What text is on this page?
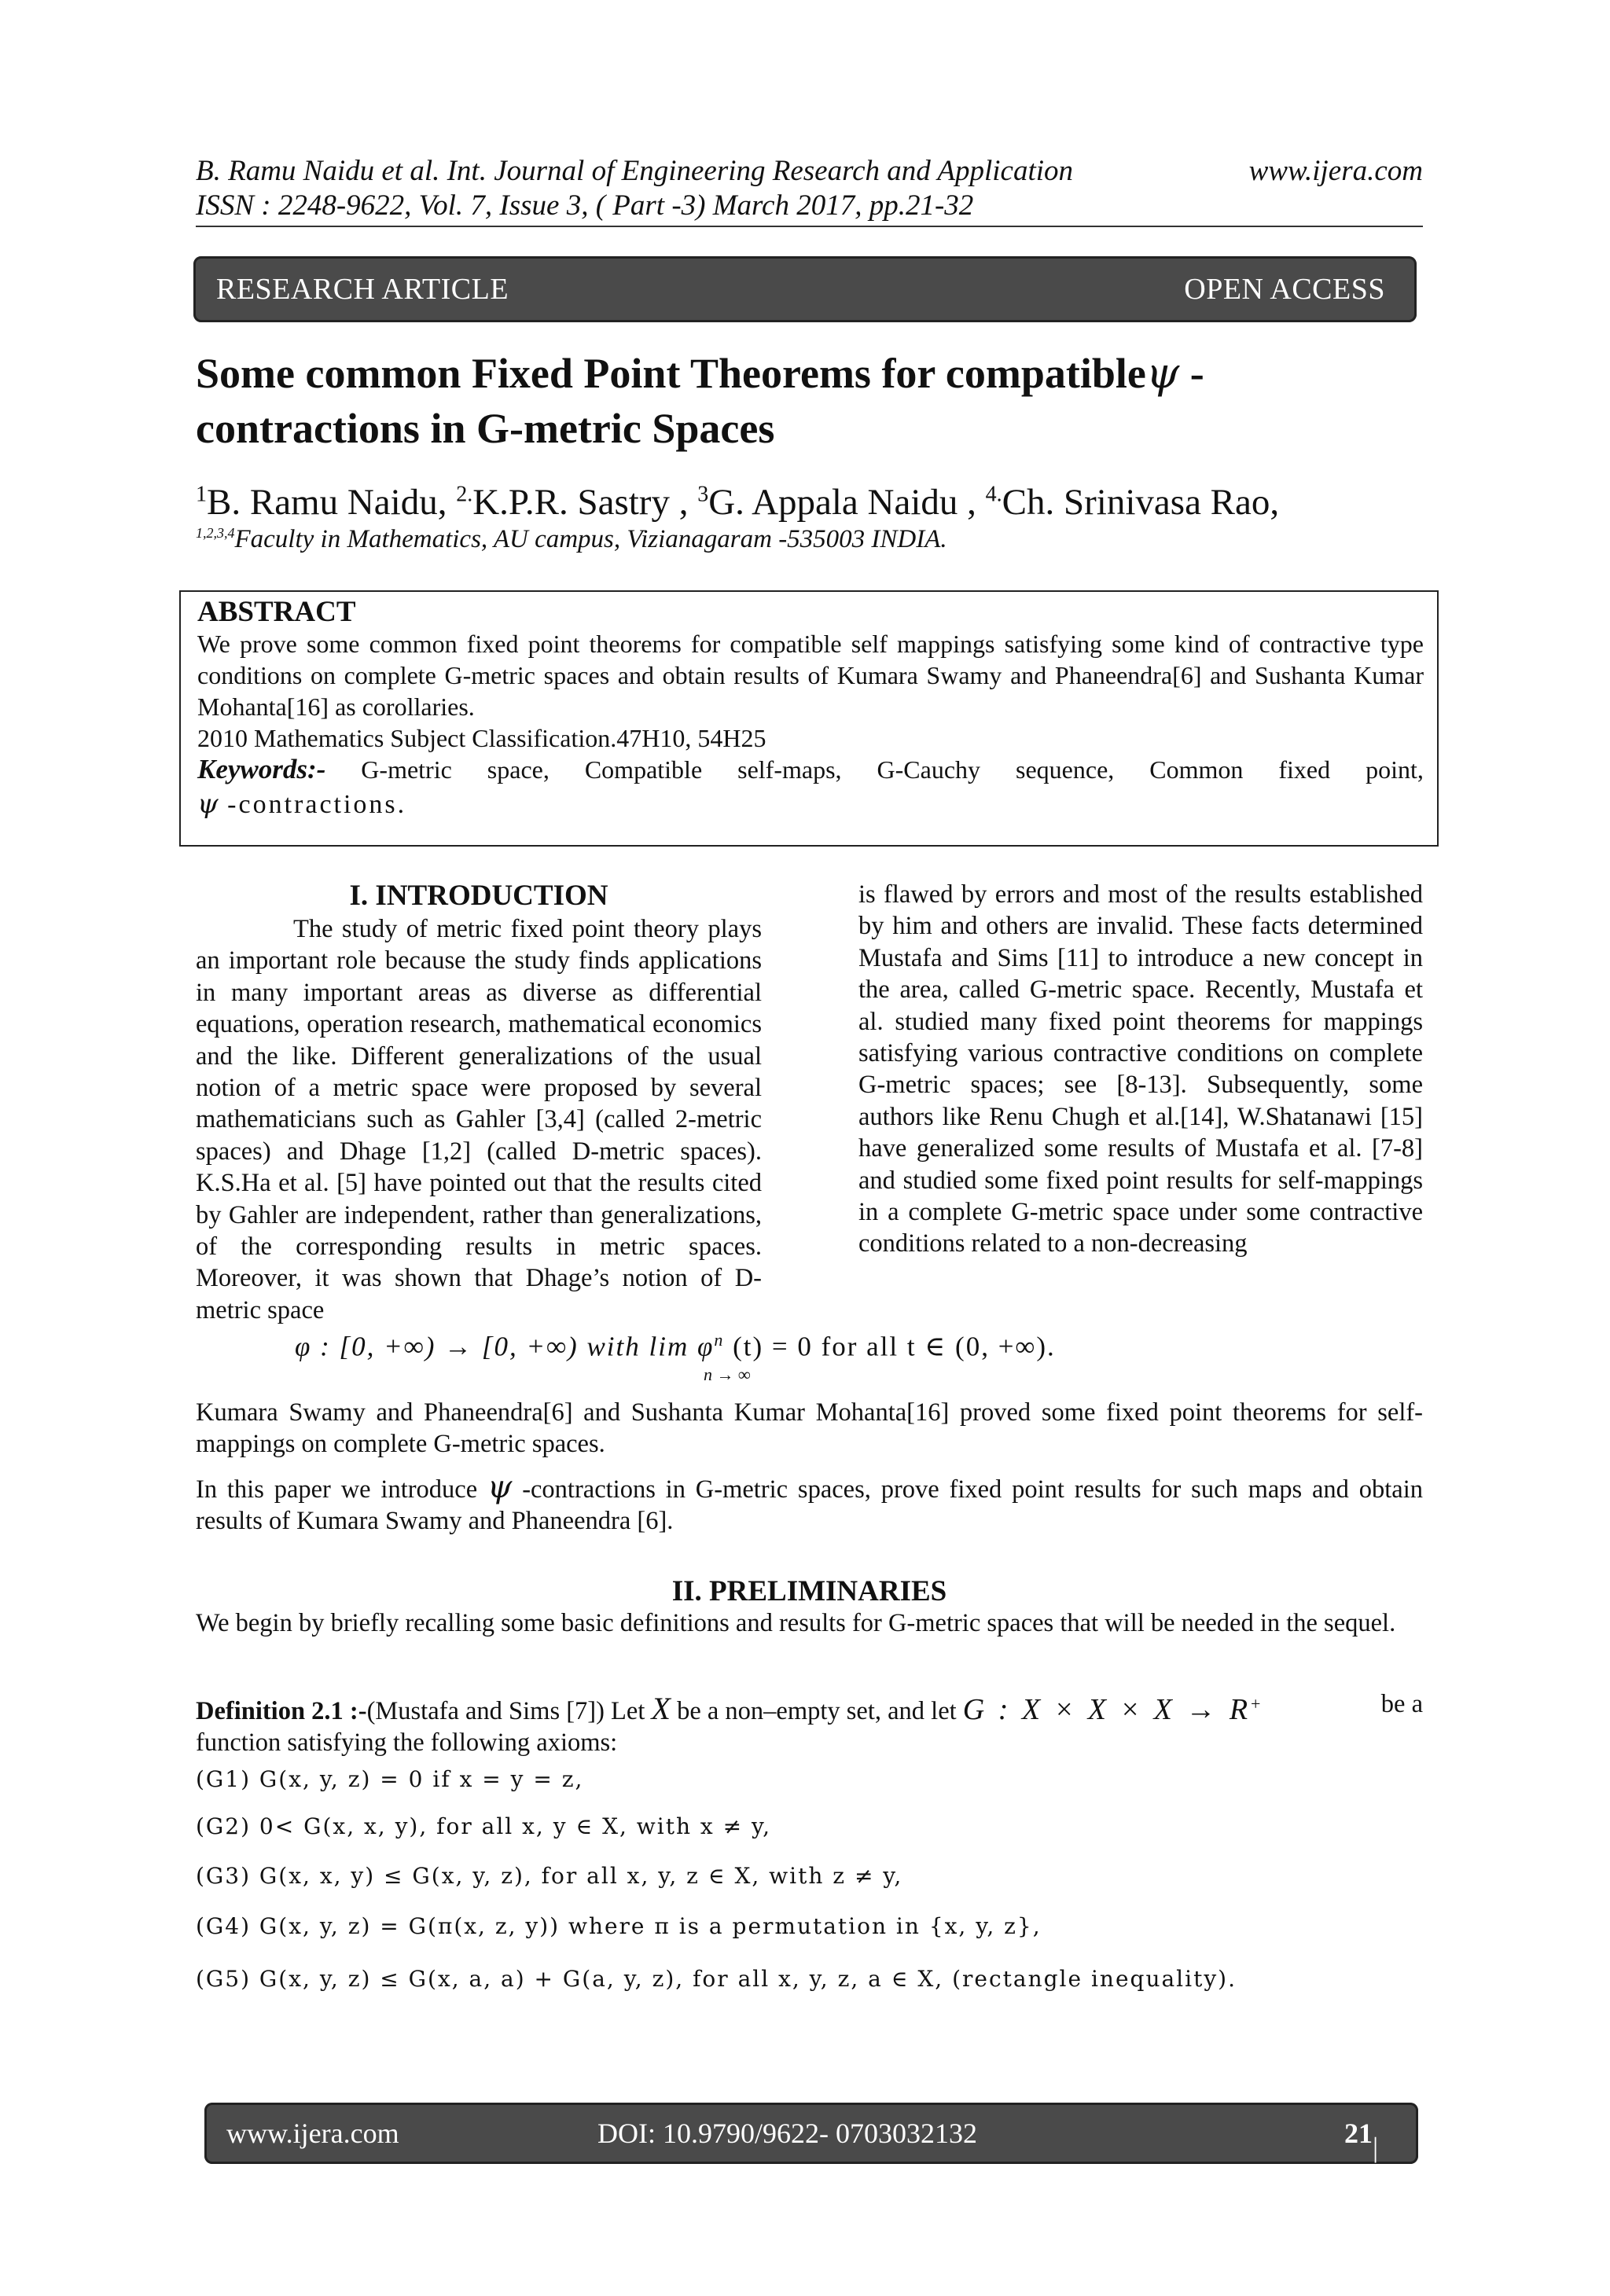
B. Ramu Naidu et al. Int. Journal of Engineering Research and Application	www.ijera.com
ISSN : 2248-9622, Vol. 7, Issue 3, ( Part -3) March 2017, pp.21-32
RESEARCH ARTICLE	OPEN ACCESS
Some common Fixed Point Theorems for compatibleψ -
contractions in G-metric Spaces
$^1$B. Ramu Naidu, $^{2.}$K.P.R. Sastry , $^3$G. Appala Naidu , $^{4.}$Ch. Srinivasa Rao,
$^{1,2,3,4}$Faculty in Mathematics, AU campus, Vizianagaram -535003 INDIA.
ABSTRACT
We prove some common fixed point theorems for compatible self mappings satisfying some kind of contractive type conditions on complete G-metric spaces and obtain results of Kumara Swamy and Phaneendra[6] and Sushanta Kumar Mohanta[16] as corollaries.
2010 Mathematics Subject Classification.47H10, 54H25
Keywords:- G-metric space, Compatible self-maps, G-Cauchy sequence, Common fixed point,
ψ -contractions.
I. INTRODUCTION
The study of metric fixed point theory plays an important role because the study finds applications in many important areas as diverse as differential equations, operation research, mathematical economics and the like. Different generalizations of the usual notion of a metric space were proposed by several mathematicians such as Gahler [3,4] (called 2-metric spaces) and Dhage [1,2] (called D-metric spaces). K.S.Ha et al. [5] have pointed out that the results cited by Gahler are independent, rather than generalizations, of the corresponding results in metric spaces. Moreover, it was shown that Dhage’s notion of D-metric space
is flawed by errors and most of the results established by him and others are invalid. These facts determined Mustafa and Sims [11] to introduce a new concept in the area, called G-metric space. Recently, Mustafa et al. studied many fixed point theorems for mappings satisfying various contractive conditions on complete G-metric spaces; see [8-13]. Subsequently, some authors like Renu Chugh et al.[14], W.Shatanawi [15] have generalized some results of Mustafa et al. [7-8] and studied some fixed point results for self-mappings in a complete G-metric space under some contractive conditions related to a non-decreasing
φ : [0, +∞) → [0, +∞) with $\lim \varphi^n$ (t) = 0 for all t ∈ (0, +∞).
n → ∞
Kumara Swamy and Phaneendra[6] and Sushanta Kumar Mohanta[16] proved some fixed point theorems for self-mappings on complete G-metric spaces.
In this paper we introduce ψ -contractions in G-metric spaces, prove fixed point results for such maps and obtain results of Kumara Swamy and Phaneendra [6].
II. PRELIMINARIES
We begin by briefly recalling some basic definitions and results for G-metric spaces that will be needed in the sequel.
Definition 2.1 :-(Mustafa and Sims [7]) Let X be a non–empty set, and let G : X × X × X → R+	be a

function satisfying the following axioms:
(G1) G(x, y, z) = 0 if x = y = z,
(G2) 0< G(x, x, y), for all x, y ∈ X, with x ≠ y,
(G3) G(x, x, y) ≤ G(x, y, z), for all x, y, z ∈ X, with z ≠ y,
(G4) G(x, y, z) = G(π(x, z, y)) where π is a permutation in {x, y, z},
(G5) G(x, y, z) ≤ G(x, a, a) + G(a, y, z), for all x, y, z, a ∈ X, (rectangle inequality).
www.ijera.com	DOI: 10.9790/9622- 0703032132	21 | P a g e
